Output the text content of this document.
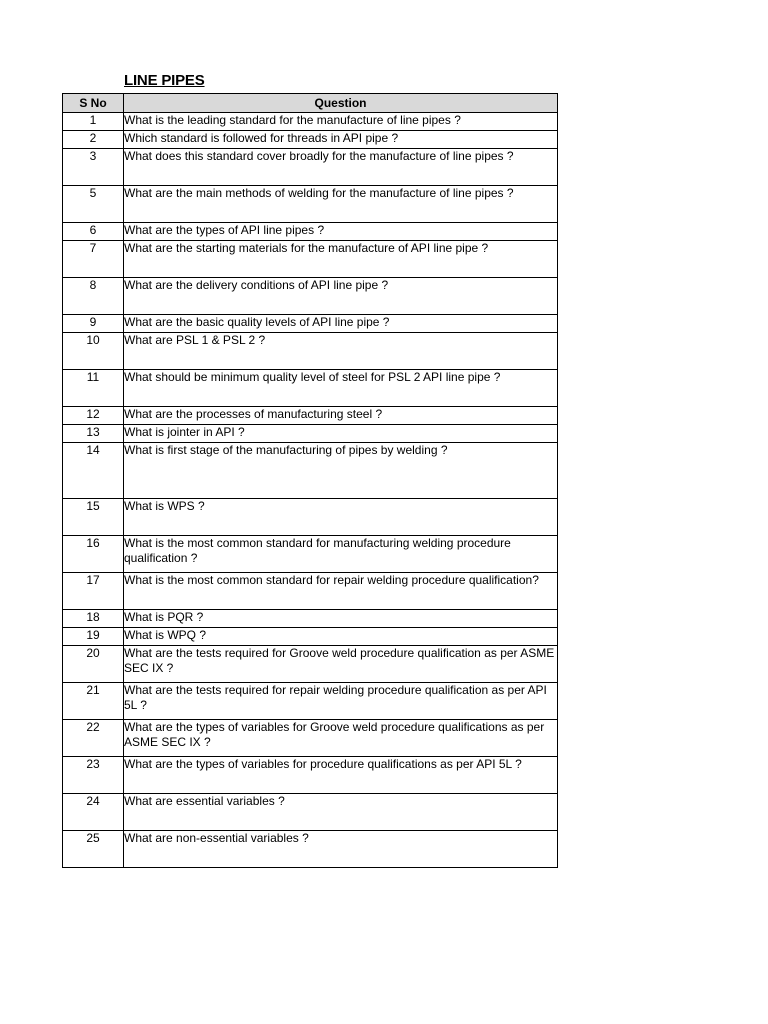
LINE PIPES
S No	Question
1	What is the leading standard for the manufacture of line pipes ?
2	Which standard is followed for threads in API pipe ?
3	What does this standard cover broadly for the manufacture of line pipes ?
5	What are the main methods of welding for the manufacture of line pipes ?
6	What are the types of API line pipes ?
7	What are the starting materials for the manufacture of API line pipe ?
8	What are the delivery conditions of API line pipe ?
9	What are the basic quality levels of API line pipe ?
10	What are PSL 1 & PSL 2 ?
11	What should be minimum quality level of steel for PSL 2 API line pipe ?
12	What are the processes of manufacturing steel ?
13	What is jointer in API ?
14	What is first stage of the manufacturing of pipes by welding ?
15	What is WPS ?
16	What is the most common standard for manufacturing welding procedure qualification ?
17	What is the most common standard for repair welding procedure qualification?
18	What is PQR ?
19	What is WPQ ?
20	What are the tests required for Groove weld procedure qualification as per ASME SEC IX ?
21	What are the tests required for repair welding procedure qualification as per API 5L ?
22	What are the types of variables for Groove weld procedure qualifications as per ASME SEC IX ?
23	What are the types of variables for procedure qualifications as per API 5L ?
24	What are essential variables ?
25	What are non-essential variables ?
